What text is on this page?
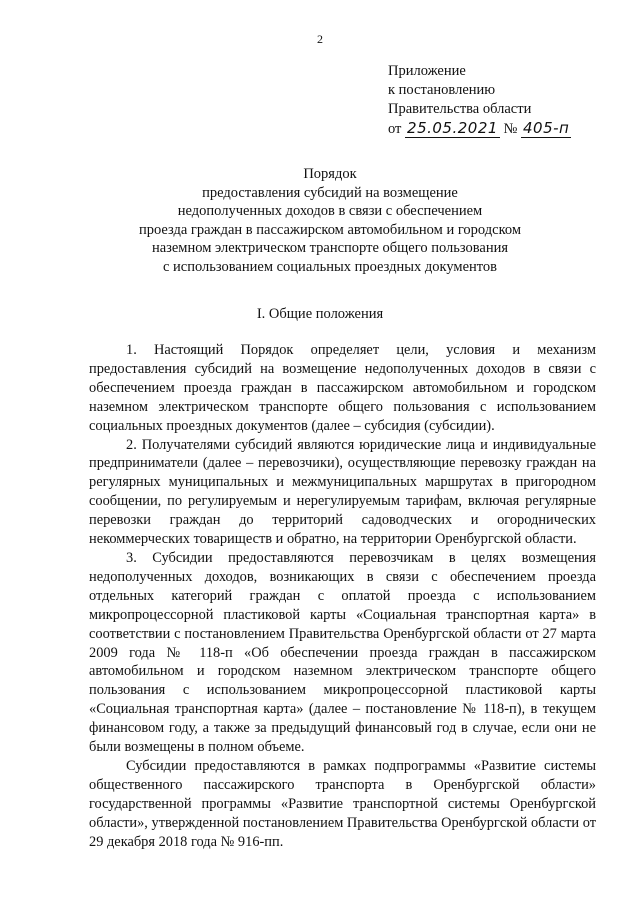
2
Приложение
к постановлению
Правительства области
от 25.05.2021 № 405-п
Порядок
предоставления субсидий на возмещение
недополученных доходов в связи с обеспечением
проезда граждан в пассажирском автомобильном и городском
наземном электрическом транспорте общего пользования
с использованием социальных проездных документов
I. Общие положения

1. Настоящий Порядок определяет цели, условия и механизм предоставления субсидий на возмещение недополученных доходов в связи с обеспечением проезда граждан в пассажирском автомобильном и городском наземном электрическом транспорте общего пользования с использованием социальных проездных документов (далее – субсидия (субсидии).

2. Получателями субсидий являются юридические лица и индивидуальные предприниматели (далее – перевозчики), осуществляющие перевозку граждан на регулярных муниципальных и межмуниципальных маршрутах в пригородном сообщении, по регулируемым и нерегулируемым тарифам, включая регулярные перевозки граждан до территорий садоводческих и огороднических некоммерческих товариществ и обратно, на территории Оренбургской области.

3. Субсидии предоставляются перевозчикам в целях возмещения недополученных доходов, возникающих в связи с обеспечением проезда отдельных категорий граждан с оплатой проезда с использованием микропроцессорной пластиковой карты «Социальная транспортная карта» в соответствии с постановлением Правительства Оренбургской области от 27 марта 2009 года № 118-п «Об обеспечении проезда граждан в пассажирском автомобильном и городском наземном электрическом транспорте общего пользования с использованием микропроцессорной пластиковой карты «Социальная транспортная карта» (далее – постановление № 118-п), в текущем финансовом году, а также за предыдущий финансовый год в случае, если они не были возмещены в полном объеме.

Субсидии предоставляются в рамках подпрограммы «Развитие системы общественного пассажирского транспорта в Оренбургской области» государственной программы «Развитие транспортной системы Оренбургской области», утвержденной постановлением Правительства Оренбургской области от 29 декабря 2018 года № 916-пп.
